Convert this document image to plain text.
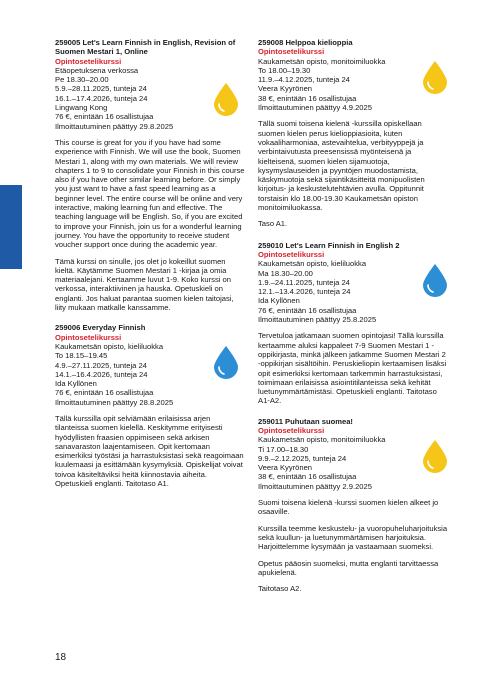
KIELET
259005 Let's Learn Finnish in English, Revision of Suomen Mestari 1, Online
Opintosetelikurssi
Etäopetuksena verkossa
Pe 18.30–20.00
5.9.–28.11.2025, tunteja 24
16.1.–17.4.2026, tunteja 24
Lingwang Kong
76 €, enintään 16 osallistujaa
Ilmoittautuminen päättyy 29.8.2025
This course is great for you if you have had some experience with Finnish. We will use the book, Suomen Mestari 1, along with my own materials. We will review chapters 1 to 9 to consolidate your Finnish in this course also if you have other similar learning before. Or simply you just want to have a fast speed learning as a beginner level. The entire course will be online and very interactive, making learning fun and effective. The teaching language will be English. So, if you are excited to improve your Finnish, join us for a wonderful learning journey. You have the opportunity to receive student voucher support once during the academic year.
Tämä kurssi on sinulle, jos olet jo kokeillut suomen kieltä. Käytämme Suomen Mestari 1 -kirjaa ja omia materiaalejani. Kertaamme luvut 1-9. Koko kurssi on verkossa, interaktiivinen ja hauska. Opetuskieli on englanti. Jos haluat parantaa suomen kielen taitojasi, liity mukaan matkalle kanssamme.
259006 Everyday Finnish
Opintosetelikurssi
Kaukametsän opisto, kieliluokka
To 18.15–19.45
4.9.–27.11.2025, tunteja 24
14.1.–16.4.2026, tunteja 24
Ida Kyllönen
76 €, enintään 16 osallistujaa
Ilmoittautuminen päättyy 28.8.2025
Tällä kurssilla opit selviämään erilaisissa arjen tilanteissa suomen kielellä. Keskitymme erityisesti hyödyllisten fraasien oppimiseen sekä arkisen sanavaraston laajentamiseen. Opit kertomaan esimerkiksi työstäsi ja harrastuksistasi sekä reagoimaan kuulemaasi ja esittämään kysymyksiä. Opiskelijat voivat toivoa käsiteltäviksi heitä kiinnostavia aiheita. Opetuskieli englanti. Taitotaso A1.
259008 Helppoa kielioppia
Opintosetelikurssi
Kaukametsän opisto, monitoimiluokka
To 18.00–19.30
11.9.–4.12.2025, tunteja 24
Veera Kyyrönen
38 €, enintään 16 osallistujaa
Ilmoittautuminen päättyy 4.9.2025
Tällä suomi toisena kielenä -kurssilla opiskellaan suomen kielen perus kielioppiasioita, kuten vokaaliharmoniaa, astevaihtelua, verbityyppejä ja verbintaivutusta preesensissä myönteisenä ja kielteisenä, suomen kielen sijamuotoja, kysymyslauseiden ja pyyntöjen muodostamista, käskymuotoja sekä sijaintikäsitteitä monipuolisten kirjoitus- ja keskustelutehtävien avulla. Oppitunnit torstaisin klo 18.00-19.30 Kaukametsän opiston monitoimiluokassa.
Taso A1.
259010 Let's Learn Finnish in English 2
Opintosetelikurssi
Kaukametsän opisto, kieliluokka
Ma 18.30–20.00
1.9.–24.11.2025, tunteja 24
12.1.–13.4.2026, tunteja 24
Ida Kyllönen
76 €, enintään 16 osallistujaa
Ilmoittautuminen päättyy 25.8.2025
Tervetuloa jatkamaan suomen opintojasi! Tällä kurssilla kertaamme aluksi kappaleet 7-9 Suomen Mestari 1 -oppikirjasta, minkä jälkeen jatkamme Suomen Mestari 2 -oppikirjan sisältöihin. Peruskieliopin kertaamisen lisäksi opit esimerkiksi kertomaan tarkemmin harrastuksistasi, toimimaan erilaisissa asiointitilanteissa sekä kehität luetunymmärtämistäsi. Opetuskieli englanti. Taitotaso A1-A2.
259011 Puhutaan suomea!
Opintosetelikurssi
Kaukametsän opisto, monitoimiluokka
Ti 17.00–18.30
9.9.–2.12.2025, tunteja 24
Veera Kyyrönen
38 €, enintään 16 osallistujaa
Ilmoittautuminen päättyy 2.9.2025
Suomi toisena kielenä -kurssi suomen kielen alkeet jo osaaville.
Kurssilla teemme keskustelu- ja vuoropuheluharjoituksia sekä kuullun- ja luetunymmärtämisen harjoituksia. Harjoittelemme kysymään ja vastaamaan suomeksi.
Opetus pääosin suomeksi, mutta englanti tarvittaessa apukielenä.
Taitotaso A2.
18
